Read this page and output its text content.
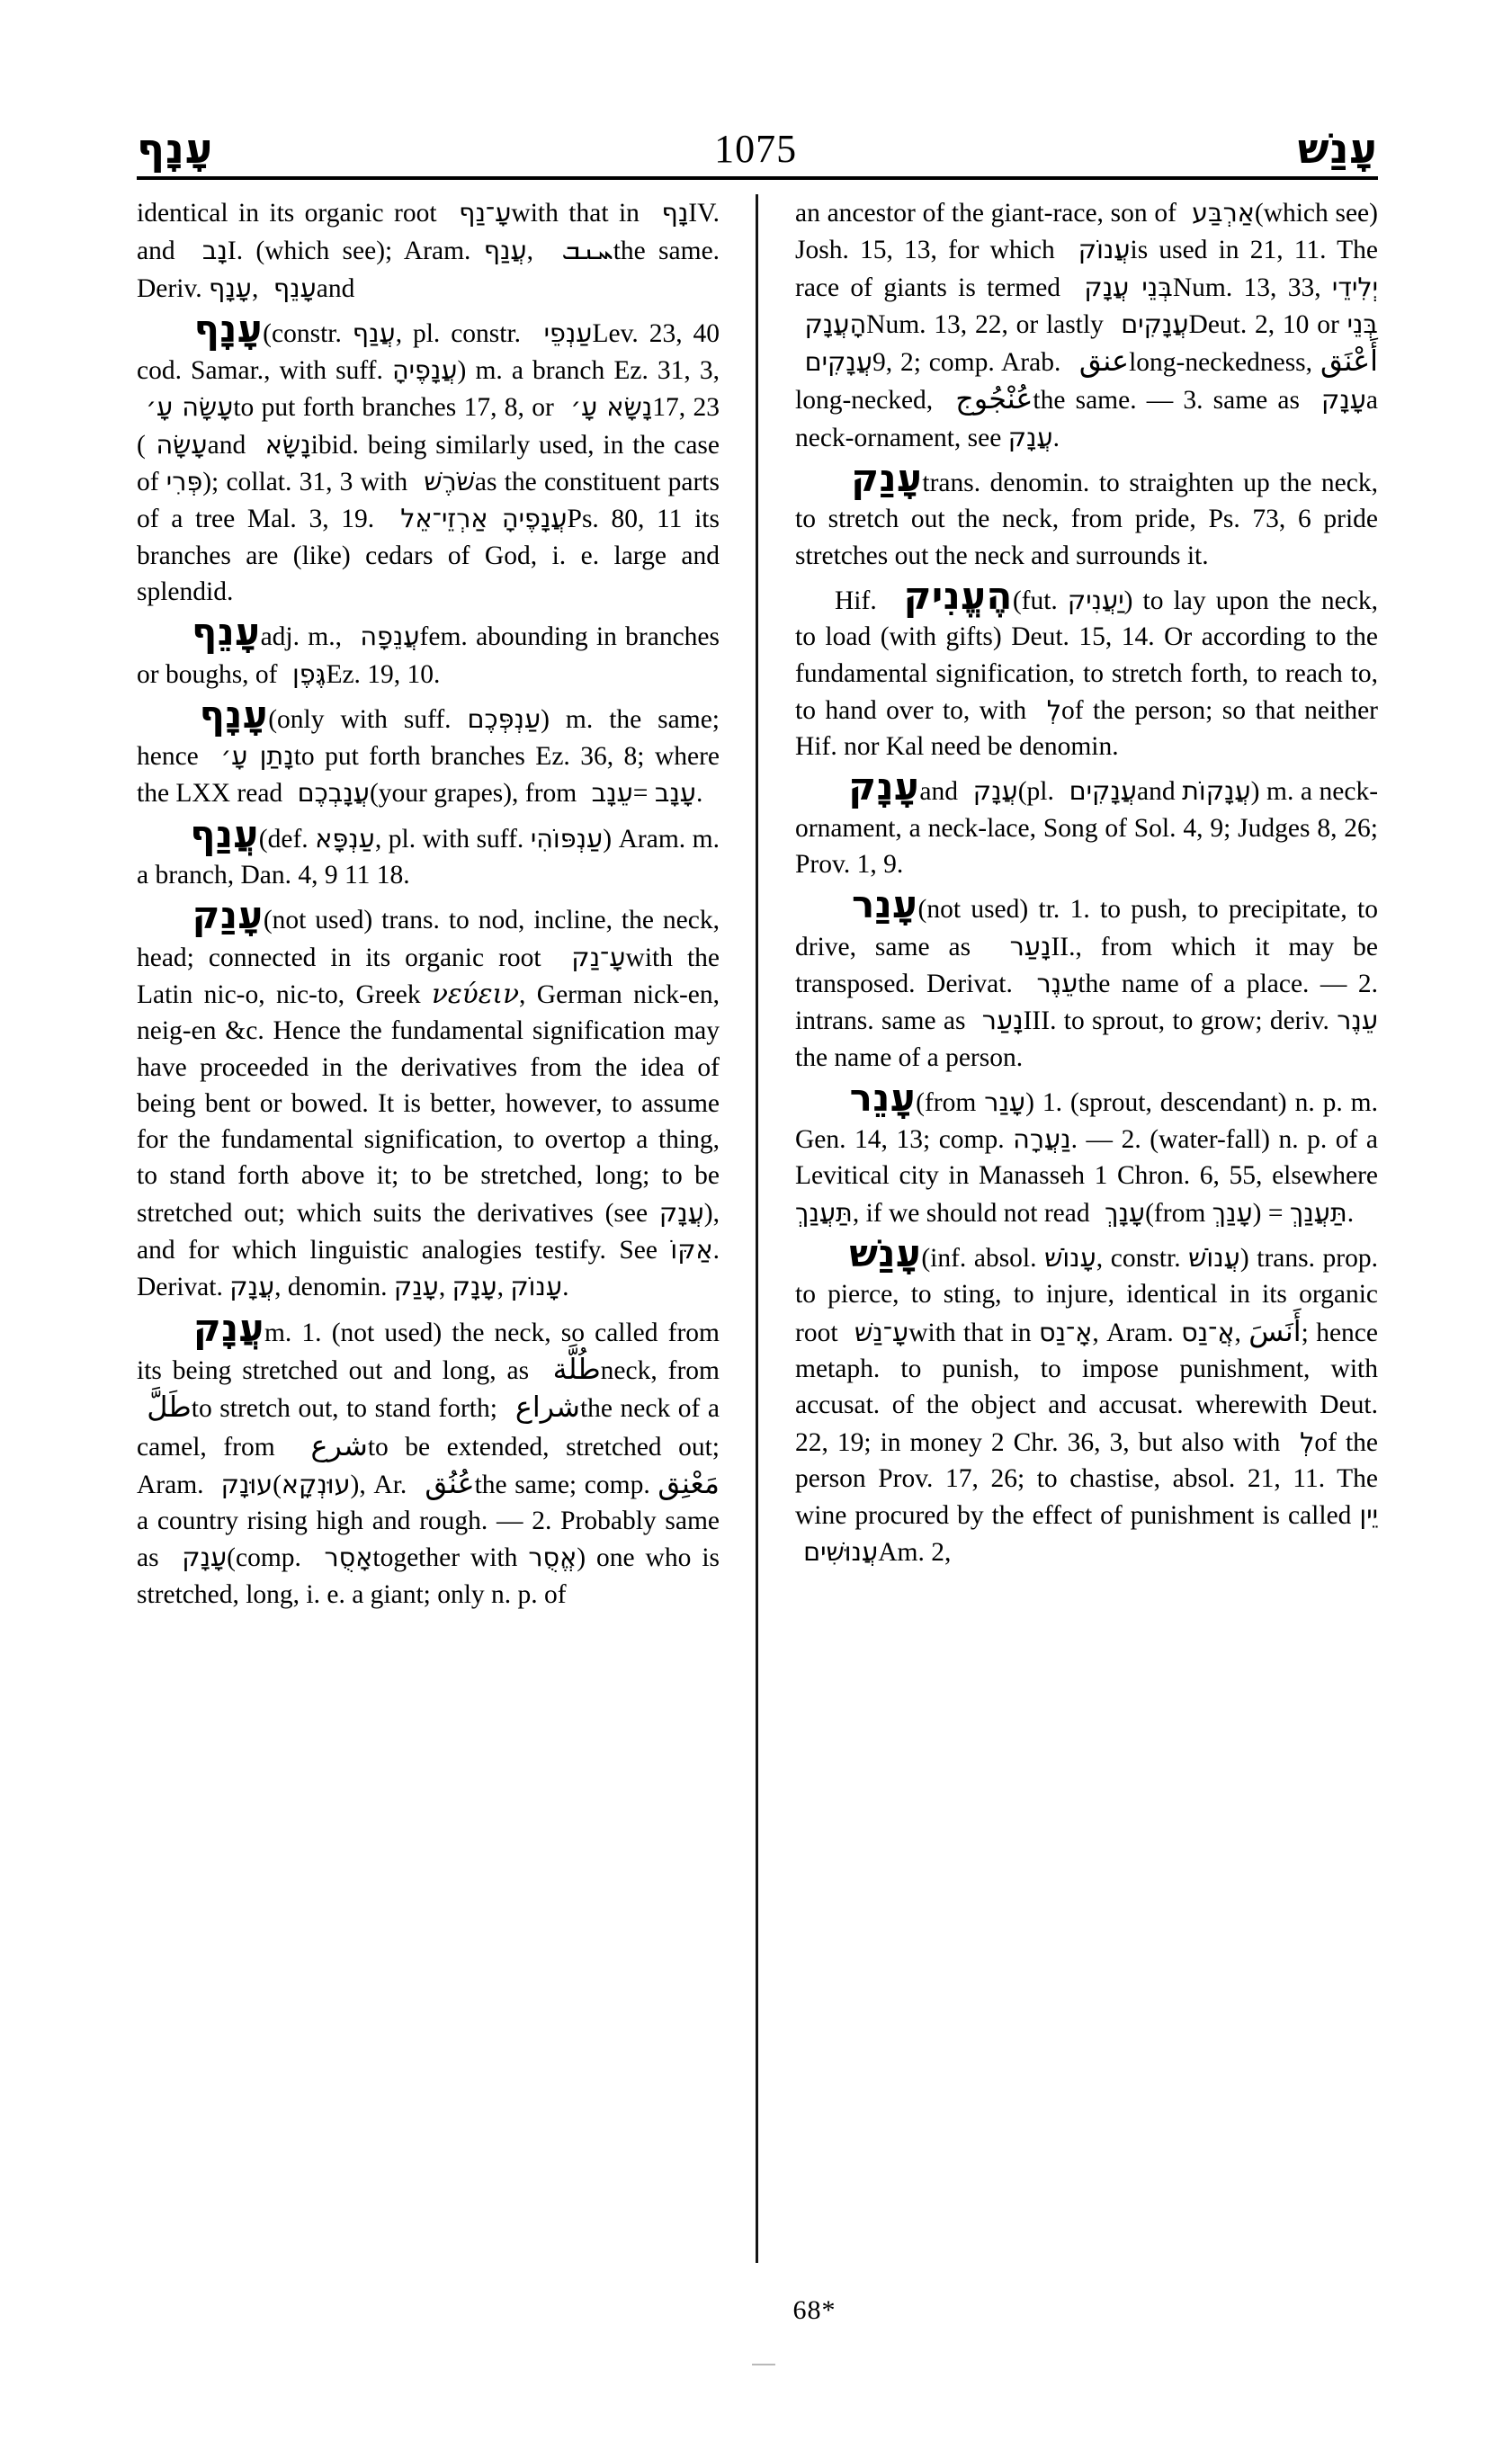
עָנָף	1075	עָנַשׁ

identical in its organic root עָ־נַף with that in נָף IV. and נָב I. (which see); Aram. עֲנַף, ܚܢܒ the same. Deriv. עָנָף, עָנֵף and

עָנָף (constr. עֲנַף, pl. constr. עַנְפֵי Lev. 23, 40 cod. Samar., with suff. עֲנָפֶיהָ) m. a branch Ez. 31, 3, עָשָׂה עָ׳ to put forth branches 17, 8, or נָשָׂא עָ׳ 17, 23 (עָשָׂה and נָשָׂא ibid. being similarly used, in the case of פְּרִי); collat. 31, 3 with שֹׁרֶשׁ as the constituent parts of a tree Mal. 3, 19. עֲנָפֶיהָ אַרְזֵי־אֵל Ps. 80, 11 its branches are (like) cedars of God, i. e. large and splendid.

עָנֵף adj. m., עֲנֵפָה fem. abounding in branches or boughs, of גֶּפֶן Ez. 19, 10.

עָנָף (only with suff. עַנְפְּכֶם) m. the same; hence נָתַן עָ׳ to put forth branches Ez. 36, 8; where the LXX read עֲנָבְכֶם (your grapes), from עֵנָב = עָנָב.

עֲנַף (def. עַנְפָּא, pl. with suff. עַנְפּוֹהִי) Aram. m. a branch, Dan. 4, 9 11 18.

עָנַק (not used) trans. to nod, incline, the neck, head; connected in its organic root עָ־נַק with the Latin nic-o, nic-to, Greek νεύειν, German nick-en, neig-en &c. Hence the fundamental signification may have proceeded in the derivatives from the idea of being bent or bowed. It is better, however, to assume for the fundamental signification, to overtop a thing, to stand forth above it; to be stretched, long; to be stretched out; which suits the derivatives (see עֲנָק), and for which linguistic analogies testify. See אַקּוֹ. Derivat. עֲנָק, denomin. עָנַק, עָנָק, עָנוֹק.

עֲנָק m. 1. (not used) the neck, so called from its being stretched out and long, as طُلَّة neck, from طَلَّ to stretch out, to stand forth; شراع the neck of a camel, from شرع to be extended, stretched out; Aram. עוּנָק (עוּנְקָא), Ar. عُنُق the same; comp. مَعْنِق a country rising high and rough. — 2. Probably same as עָנָק (comp. אָסֻר together with אֱסֻר) one who is stretched, long, i. e. a giant; only n. p. of

an ancestor of the giant-race, son of אַרְבַּע (which see) Josh. 15, 13, for which עֲנוֹק is used in 21, 11. The race of giants is termed בְּנֵי עֲנָק Num. 13, 33, יְלִידֵי הָעֲנָק Num. 13, 22, or lastly עֲנָקִים Deut. 2, 10 or בְּנֵי עֲנָקִים 9, 2; comp. Arab. عنق long-neckedness, أَعْنَق long-necked, عُنْجُوج the same. — 3. same as עָנָק a neck-ornament, see עֲנָק.

עָנַק trans. denomin. to straighten up the neck, to stretch out the neck, from pride, Ps. 73, 6 pride stretches out the neck and surrounds it.

Hif. הֶעֱנִיק (fut. יַעֲנִיק) to lay upon the neck, to load (with gifts) Deut. 15, 14. Or according to the fundamental signification, to stretch forth, to reach to, to hand over to, with לְ of the person; so that neither Hif. nor Kal need be denomin.

עָנָק and עֲנָק (pl. עֲנָקִים and עֲנָקוֹת) m. a neck-ornament, a neck-lace, Song of Sol. 4, 9; Judges 8, 26; Prov. 1, 9.

עָנַר (not used) tr. 1. to push, to precipitate, to drive, same as נָעַר II., from which it may be transposed. Derivat. עֵנֶר the name of a place. — 2. intrans. same as נָעַר III. to sprout, to grow; deriv. עֵנֶר the name of a person.

עָנֵר (from עָנַר) 1. (sprout, descendant) n. p. m. Gen. 14, 13; comp. נַעֲרָה. — 2. (water-fall) n. p. of a Levitical city in Manasseh 1 Chron. 6, 55, elsewhere תַּעֲנַךְ, if we should not read עָנָךְ (from עָנַךְ) = תַּעֲנַךְ.

עָנַשׁ (inf. absol. עָנוֹשׁ, constr. עֲנוֹשׁ) trans. prop. to pierce, to sting, to injure, identical in its organic root עָ־נַשׁ with that in אָ־נַס, Aram. אֲ־נַס, أَنَسَ; hence metaph. to punish, to impose punishment, with accusat. of the object and accusat. wherewith Deut. 22, 19; in money 2 Chr. 36, 3, but also with לְ of the person Prov. 17, 26; to chastise, absol. 21, 11. The wine procured by the effect of punishment is called יֵין עֲנוּשִׁים Am. 2,

68*
